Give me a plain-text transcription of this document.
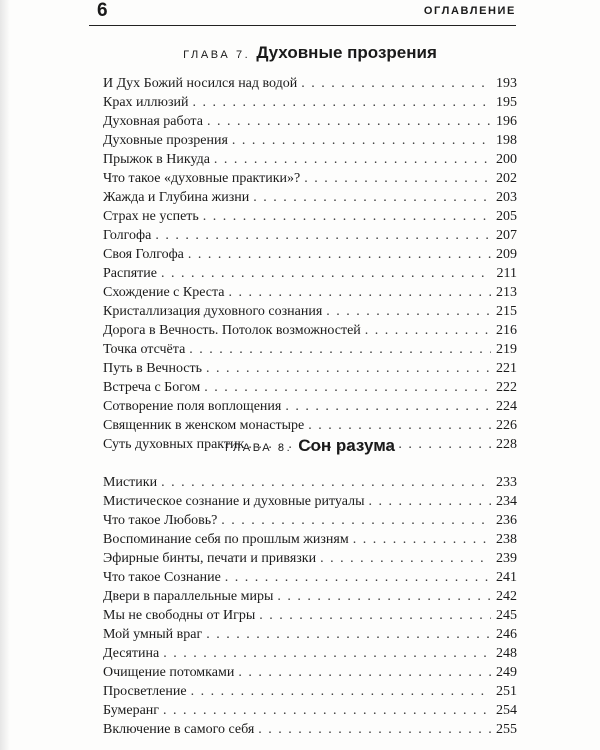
6	ОГЛАВЛЕНИЕ
ГЛАВА 7. Духовные прозрения
И Дух Божий носился над водой . . .	193
Крах иллюзий . . .	195
Духовная работа . . .	196
Духовные прозрения . . .	198
Прыжок в Никуда . . .	200
Что такое «духовные практики»? . . .	202
Жажда и Глубина жизни . . .	203
Страх не успеть . . .	205
Голгофа . . .	207
Своя Голгофа . . .	209
Распятие . . .	211
Схождение с Креста . . .	213
Кристаллизация духовного сознания . . .	215
Дорога в Вечность. Потолок возможностей . . .	216
Точка отсчёта . . .	219
Путь в Вечность . . .	221
Встреча с Богом . . .	222
Сотворение поля воплощения . . .	224
Священник в женском монастыре . . .	226
Суть духовных практик . . .	228
ГЛАВА 8. Сон разума
Мистики . . .	233
Мистическое сознание и духовные ритуалы . . .	234
Что такое Любовь? . . .	236
Воспоминание себя по прошлым жизням . . .	238
Эфирные бинты, печати и привязки . . .	239
Что такое Сознание . . .	241
Двери в параллельные миры . . .	242
Мы не свободны от Игры . . .	245
Мой умный враг . . .	246
Десятина . . .	248
Очищение потомками . . .	249
Просветление . . .	251
Бумеранг . . .	254
Включение в самого себя . . .	255
